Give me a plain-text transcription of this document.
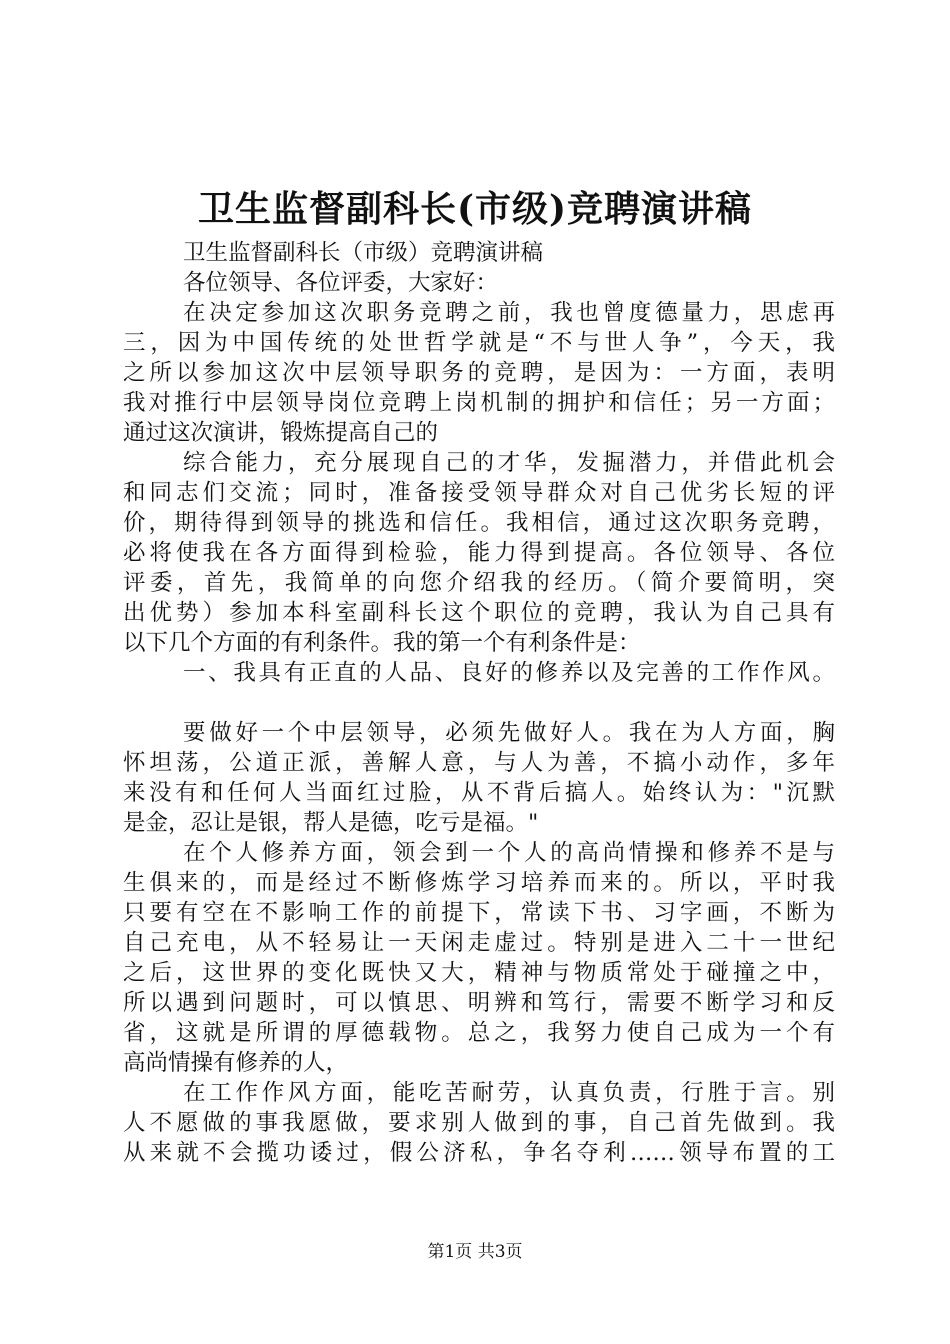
卫生监督副科长(市级)竞聘演讲稿
卫生监督副科长（市级）竞聘演讲稿
各位领导、各位评委，大家好：
在决定参加这次职务竞聘之前，我也曾度德量力，思虑再
三，因为中国传统的处世哲学就是“不与世人争”，今天，我
之所以参加这次中层领导职务的竞聘，是因为：一方面，表明
我对推行中层领导岗位竞聘上岗机制的拥护和信任；另一方面；
通过这次演讲，锻炼提高自己的
综合能力，充分展现自己的才华，发掘潜力，并借此机会
和同志们交流；同时，准备接受领导群众对自己优劣长短的评
价，期待得到领导的挑选和信任。我相信，通过这次职务竞聘，
必将使我在各方面得到检验，能力得到提高。各位领导、各位
评委，首先，我简单的向您介绍我的经历。（简介要简明，突
出优势）参加本科室副科长这个职位的竞聘，我认为自己具有
以下几个方面的有利条件。我的第一个有利条件是：
一、我具有正直的人品、良好的修养以及完善的工作作风。
要做好一个中层领导，必须先做好人。我在为人方面，胸
怀坦荡，公道正派，善解人意，与人为善，不搞小动作，多年
来没有和任何人当面红过脸，从不背后搞人。始终认为："沉默
是金，忍让是银，帮人是德，吃亏是福。"
在个人修养方面，领会到一个人的高尚情操和修养不是与
生俱来的，而是经过不断修炼学习培养而来的。所以，平时我
只要有空在不影响工作的前提下，常读下书、习字画，不断为
自己充电，从不轻易让一天闲走虚过。特别是进入二十一世纪
之后，这世界的变化既快又大，精神与物质常处于碰撞之中，
所以遇到问题时，可以慎思、明辨和笃行，需要不断学习和反
省，这就是所谓的厚德载物。总之，我努力使自己成为一个有
高尚情操有修养的人，
在工作作风方面，能吃苦耐劳，认真负责，行胜于言。别
人不愿做的事我愿做，要求别人做到的事，自己首先做到。我
从来就不会揽功诿过，假公济私，争名夺利……领导布置的工
第1页 共3页
